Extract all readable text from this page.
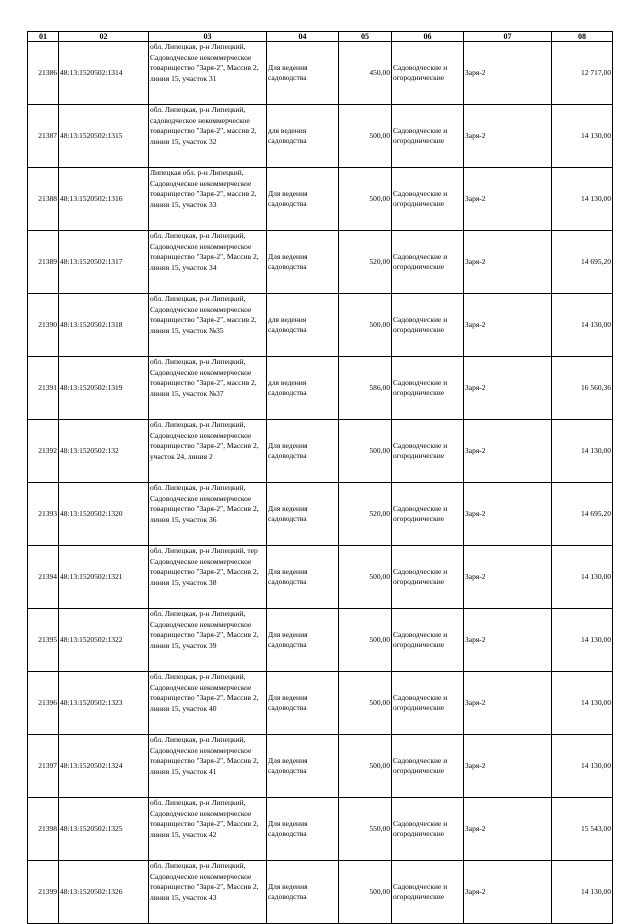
01	02	03	04	05	06	07	08
21386	48:13:1520502:1314	обл. Липецкая, р-н Липецкий, Садоводческое некоммерческое товарищество "Заря-2", Массив 2, линия 15, участок 31	Для ведения садоводства	450,00	Садоводческие и огороднические	Заря-2	12 717,00
21387	48:13:1520502:1315	обл. Липецкая, р-н Липецкий, садоводческое некоммерческое товарищество "Заря-2", массив 2, линия 15, участок 32	для ведения садоводства	500,00	Садоводческие и огороднические	Заря-2	14 130,00
21388	48:13:1520502:1316	Липецкая обл. р-н Липецкий, Садоводческое некоммерческое товарищество "Заря-2", массив 2, линия 15, участок 33	Для ведения садоводства	500,00	Садоводческие и огороднические	Заря-2	14 130,00
21389	48:13:1520502:1317	обл. Липецкая, р-н Липецкий, Садоводческое некоммерческое товарищество "Заря-2", Массив 2, линия 15, участок 34	Для ведения садоводства	520,00	Садоводческие и огороднические	Заря-2	14 695,20
21390	48:13:1520502:1318	обл. Липецкая, р-н Липецкий, Садоводческое некоммерческое товарищество "Заря-2", массив 2, линия 15, участок №35	для ведения садоводства	500,00	Садоводческие и огороднические	Заря-2	14 130,00
21391	48:13:1520502:1319	обл. Липецкая, р-н Липецкий, Садоводческое некоммерческое товарищество "Заря-2", массив 2, линия 15, участок №37	для ведения садоводства	586,00	Садоводческие и огороднические	Заря-2	16 560,36
21392	48:13:1520502:132	обл. Липецкая, р-н Липецкий, Садоводческое некоммерческое товарищество "Заря-2", Массив 2, участок 24, линия 2	Для ведения садоводства	500,00	Садоводческие и огороднические	Заря-2	14 130,00
21393	48:13:1520502:1320	обл. Липецкая, р-н Липецкий, Садоводческое некоммерческое товарищество "Заря-2", Массив 2, линия 15, участок 36	Для ведения садоводства	520,00	Садоводческие и огороднические	Заря-2	14 695,20
21394	48:13:1520502:1321	обл. Липецкая, р-н Липецкий, тер Садоводческое некоммерческое товарищество "Заря-2", Массив 2, линия 15, участок 38	Для ведения садоводства	500,00	Садоводческие и огороднические	Заря-2	14 130,00
21395	48:13:1520502:1322	обл. Липецкая, р-н Липецкий, Садоводческое некоммерческое товарищество "Заря-2", Массив 2, линия 15, участок 39	Для ведения садоводства	500,00	Садоводческие и огороднические	Заря-2	14 130,00
21396	48:13:1520502:1323	обл. Липецкая, р-н Липецкий, Садоводческое некоммерческое товарищество "Заря-2", Массив 2, линия 15, участок 40	Для ведения садоводства	500,00	Садоводческие и огороднические	Заря-2	14 130,00
21397	48:13:1520502:1324	обл. Липецкая, р-н Липецкий, Садоводческое некоммерческое товарищество "Заря-2", Массив 2, линия 15, участок 41	Для ведения садоводства	500,00	Садоводческие и огороднические	Заря-2	14 130,00
21398	48:13:1520502:1325	обл. Липецкая, р-н Липецкий, Садоводческое некоммерческое товарищество "Заря-2", Массив 2, линия 15, участок 42	Для ведения садоводства	550,00	Садоводческие и огороднические	Заря-2	15 543,00
21399	48:13:1520502:1326	обл. Липецкая, р-н Липецкий, Садоводческое некоммерческое товарищество "Заря-2", Массив 2, линия 15, участок 43	Для ведения садоводства	500,00	Садоводческие и огороднические	Заря-2	14 130,00
